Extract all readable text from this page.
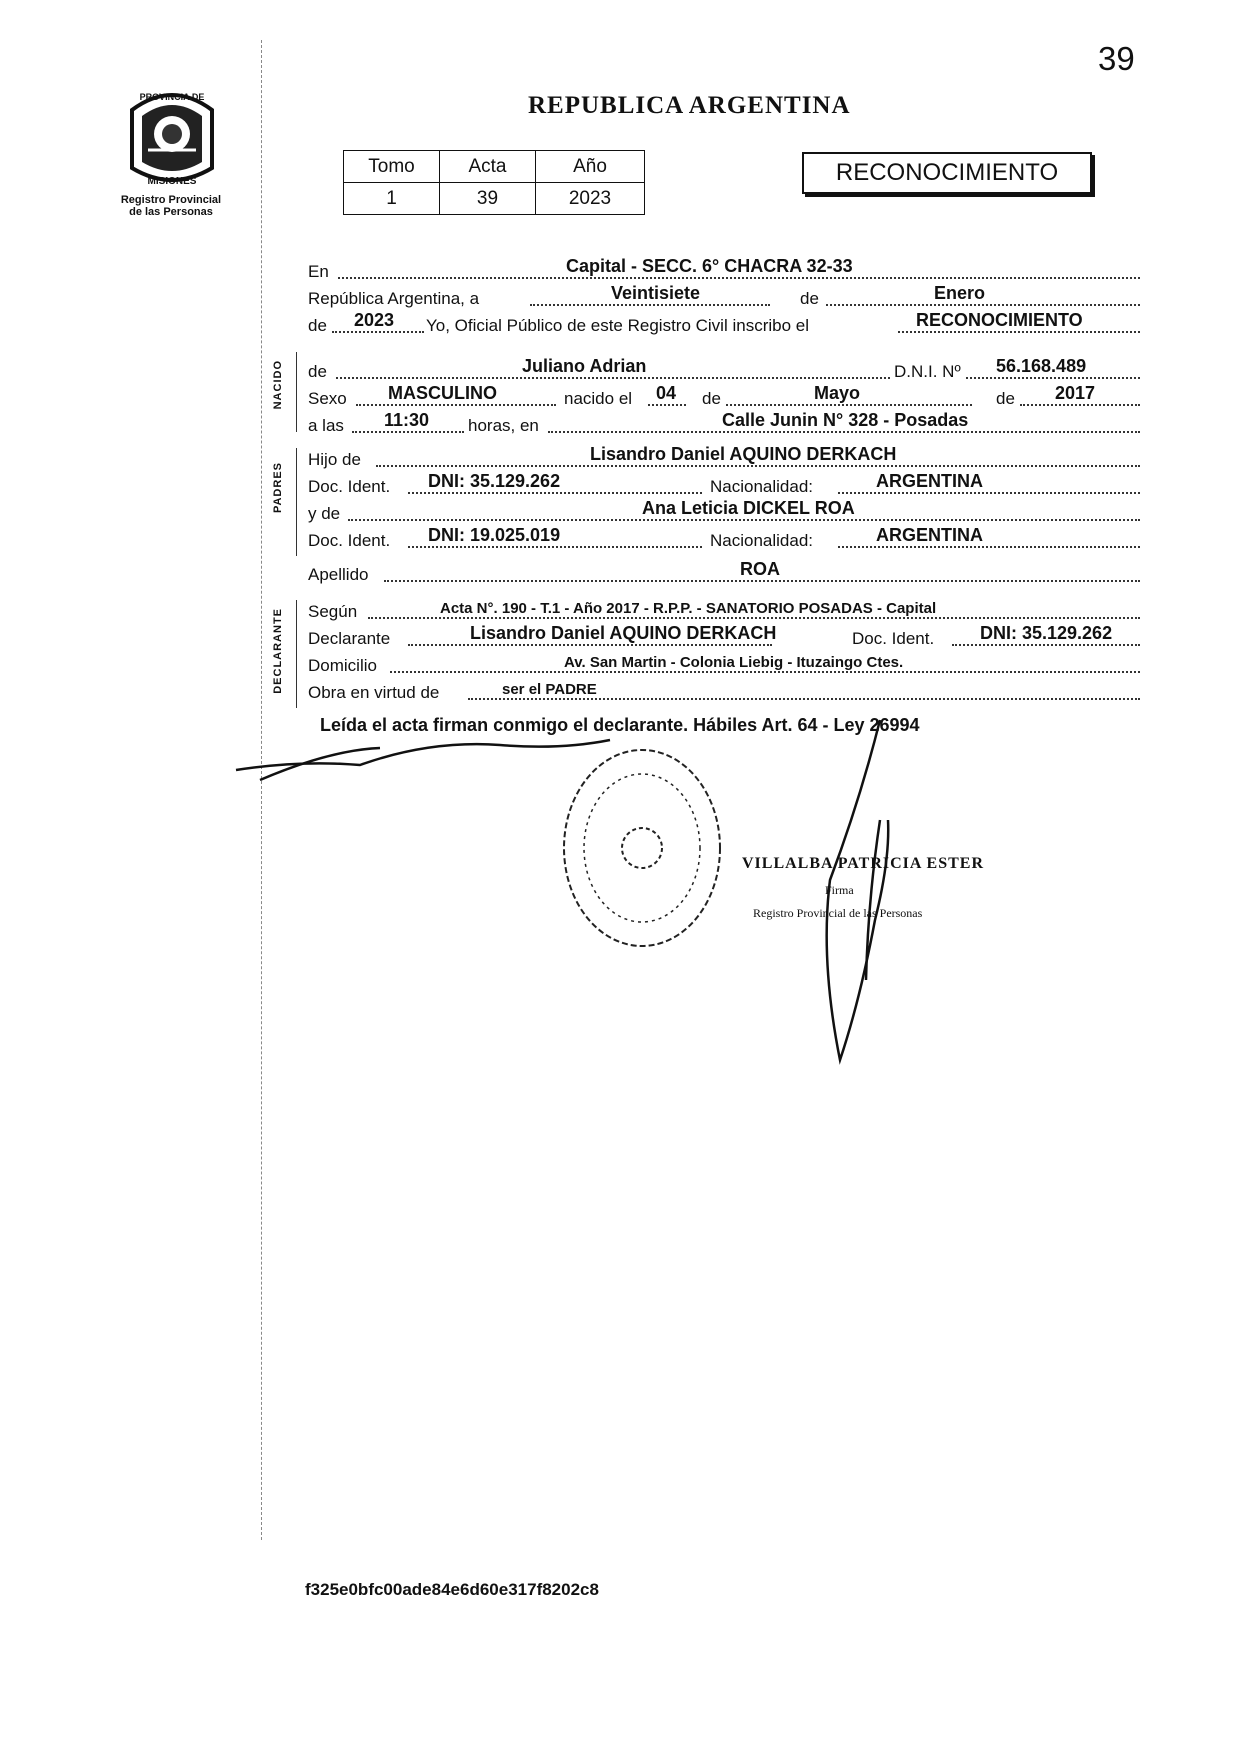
39
PROVINCIA DE
MISIONES
Registro Provincial
de las Personas
REPUBLICA ARGENTINA
Tomo	Acta	Año
1	39	2023
RECONOCIMIENTO
En	Capital - SECC. 6° CHACRA 32-33
República Argentina, a	Veintisiete	de	Enero
de 2023 Yo, Oficial Público de este Registro Civil inscribo el	RECONOCIMIENTO
NACIDO de	Juliano Adrian	D.N.I. Nº 56.168.489
Sexo MASCULINO	nacido el 04 de	Mayo	de 2017
a las 11:30 horas, en	Calle Junin N° 328 - Posadas
PADRES
Hijo de	Lisandro Daniel AQUINO DERKACH
Doc. Ident. DNI: 35.129.262	Nacionalidad:	ARGENTINA
y de	Ana Leticia DICKEL ROA
Doc. Ident. DNI: 19.025.019	Nacionalidad:	ARGENTINA
Apellido	ROA
DECLARANTE Según	Acta N°. 190 - T.1 - Año 2017 - R.P.P. - SANATORIO POSADAS - Capital
Declarante	Lisandro Daniel AQUINO DERKACH	Doc. Ident.	DNI: 35.129.262
Domicilio	Av. San Martin - Colonia Liebig - Ituzaingo Ctes.
Obra en virtud de	ser el PADRE
Leída el acta firman conmigo el declarante. Hábiles Art. 64 - Ley 26994
VILLALBA PATRICIA ESTER
Firma
Registro Provincial de las Personas
f325e0bfc00ade84e6d60e317f8202c8
